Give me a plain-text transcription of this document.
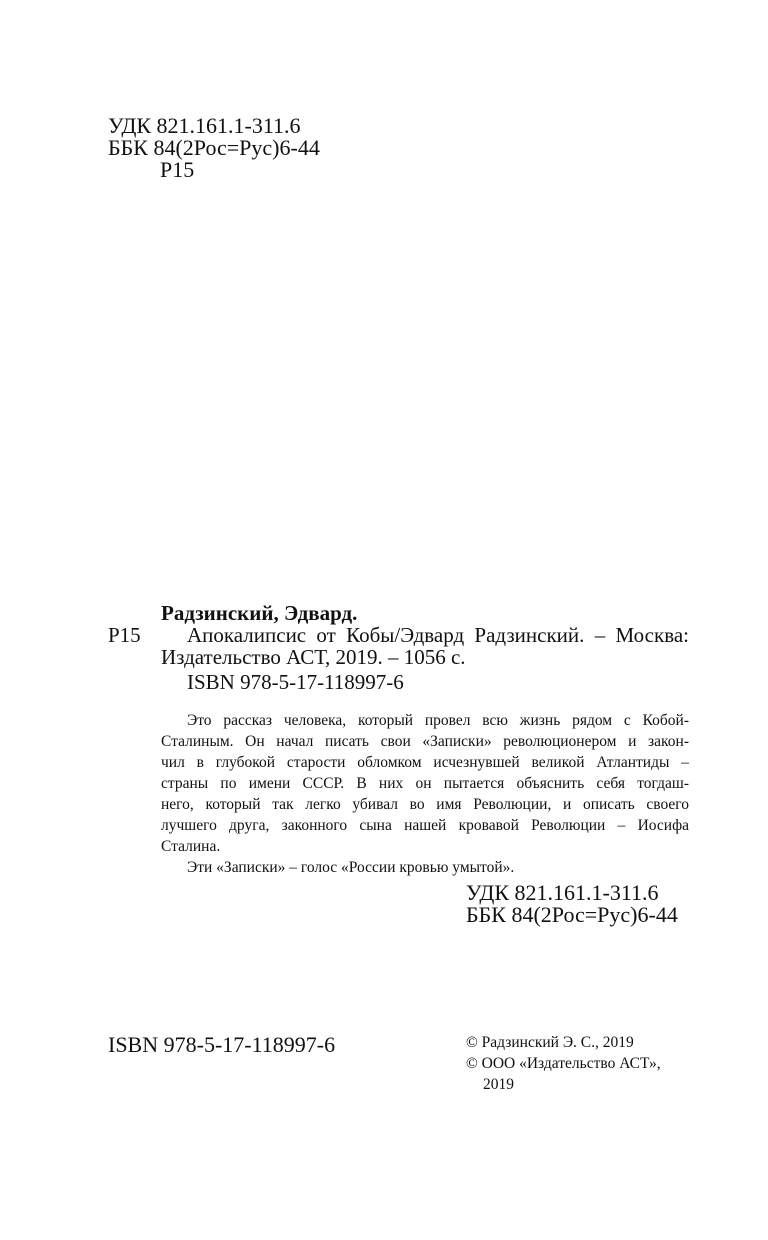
УДК 821.161.1-311.6
ББК 84(2Рос=Рус)6-44
Р15
Радзинский, Эдвард.
Р15 Апокалипсис от Кобы/Эдвард Радзинский. – Москва:
Издательство АСТ, 2019. – 1056 с.
ISBN 978-5-17-118997-6
Это рассказ человека, который провел всю жизнь рядом с Кобой-
Сталиным. Он начал писать свои «Записки» революционером и закон-
чил в глубокой старости обломком исчезнувшей великой Атлантиды –
страны по имени СССР. В них он пытается объяснить себя тогдаш-
него, который так легко убивал во имя Революции, и описать своего
лучшего друга, законного сына нашей кровавой Революции – Иосифа
Сталина.
Эти «Записки» – голос «России кровью умытой».
УДК 821.161.1-311.6
ББК 84(2Рос=Рус)6-44
ISBN 978-5-17-118997-6	© Радзинский Э. С., 2019
© ООО «Издательство АСТ»,
2019
